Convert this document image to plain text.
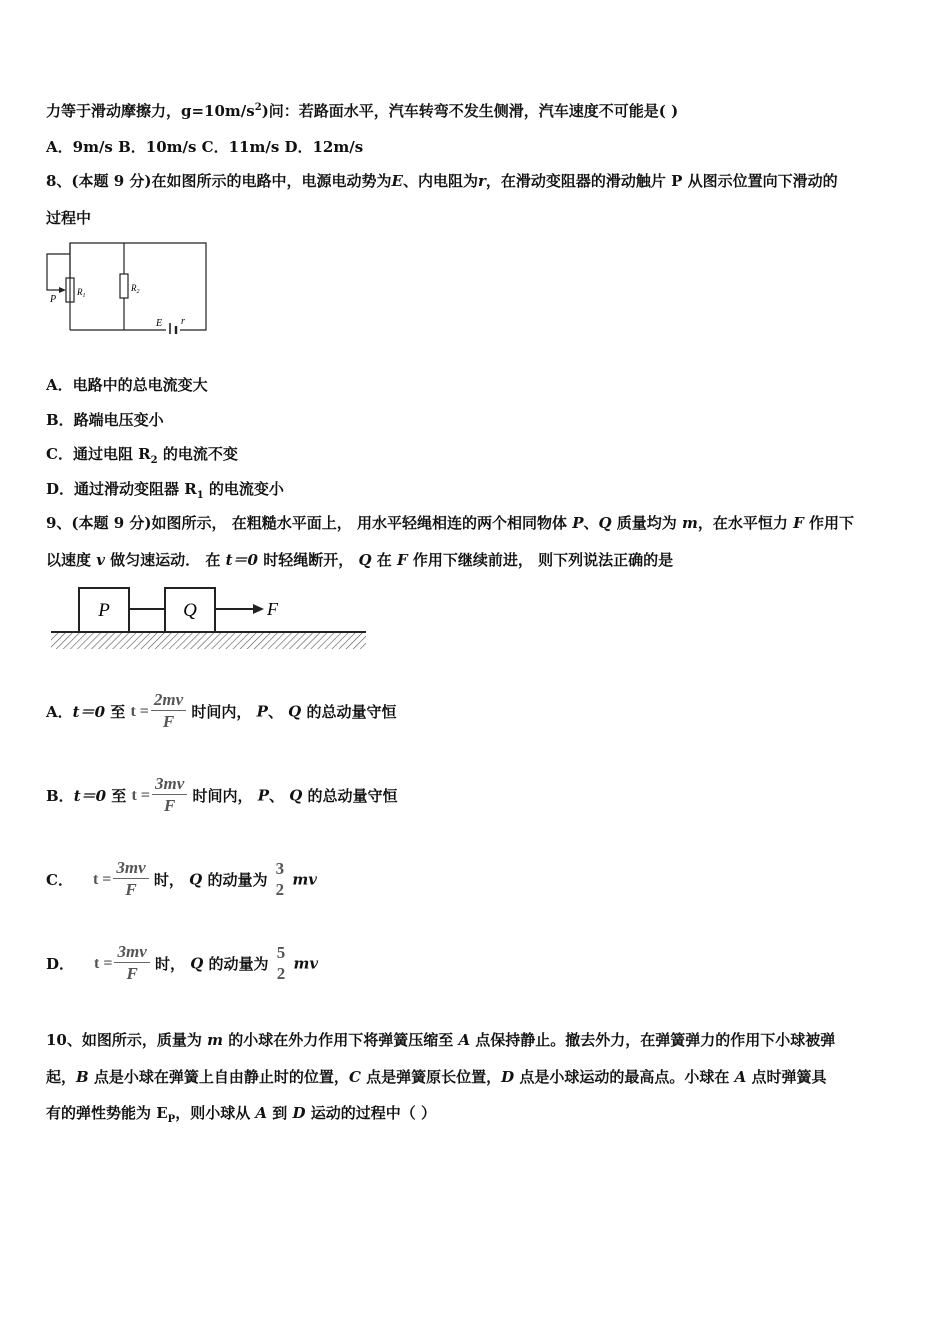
力等于滑动摩擦力，$g=10m/s^2$)问：若路面水平，汽车转弯不发生侧滑，汽车速度不可能是( )
A．9m/s B．10m/s C．11m/s D．12m/s
8、(本题 9 分)在如图所示的电路中，电源电动势为E、内电阻为r，在滑动变阻器的滑动触片 P 从图示位置向下滑动的
过程中
P
$R_1$
$R_2$
E r
A．电路中的总电流变大
B．路端电压变小
C．通过电阻 $R_2$ 的电流不变
D．通过滑动变阻器 $R_1$ 的电流变小
9、(本题 9 分)如图所示， 在粗糙水平面上， 用水平轻绳相连的两个相同物体 P、Q 质量均为 m，在水平恒力 F 作用下
以速度 v 做匀速运动． 在 t＝0 时轻绳断开， Q 在 F 作用下继续前进， 则下列说法正确的是
P	Q	F
A．t＝0 至 $t = \frac{2mv}{F}$ 时间内， P、 Q 的总动量守恒
B．t＝0 至 $t = \frac{3mv}{F}$ 时间内， P、 Q 的总动量守恒
C． $t = \frac{3mv}{F}$ 时， Q 的动量为
3
2 mv
D． $t = \frac{3mv}{F}$ 时， Q 的动量为
5
2 mv
10、如图所示，质量为 m 的小球在外力作用下将弹簧压缩至 A 点保持静止。撤去外力，在弹簧弹力的作用下小球被弹
起，B 点是小球在弹簧上自由静止时的位置，C 点是弹簧原长位置，D 点是小球运动的最高点。小球在 A 点时弹簧具
有的弹性势能为 $E_P$，则小球从 A 到 D 运动的过程中（ ）
